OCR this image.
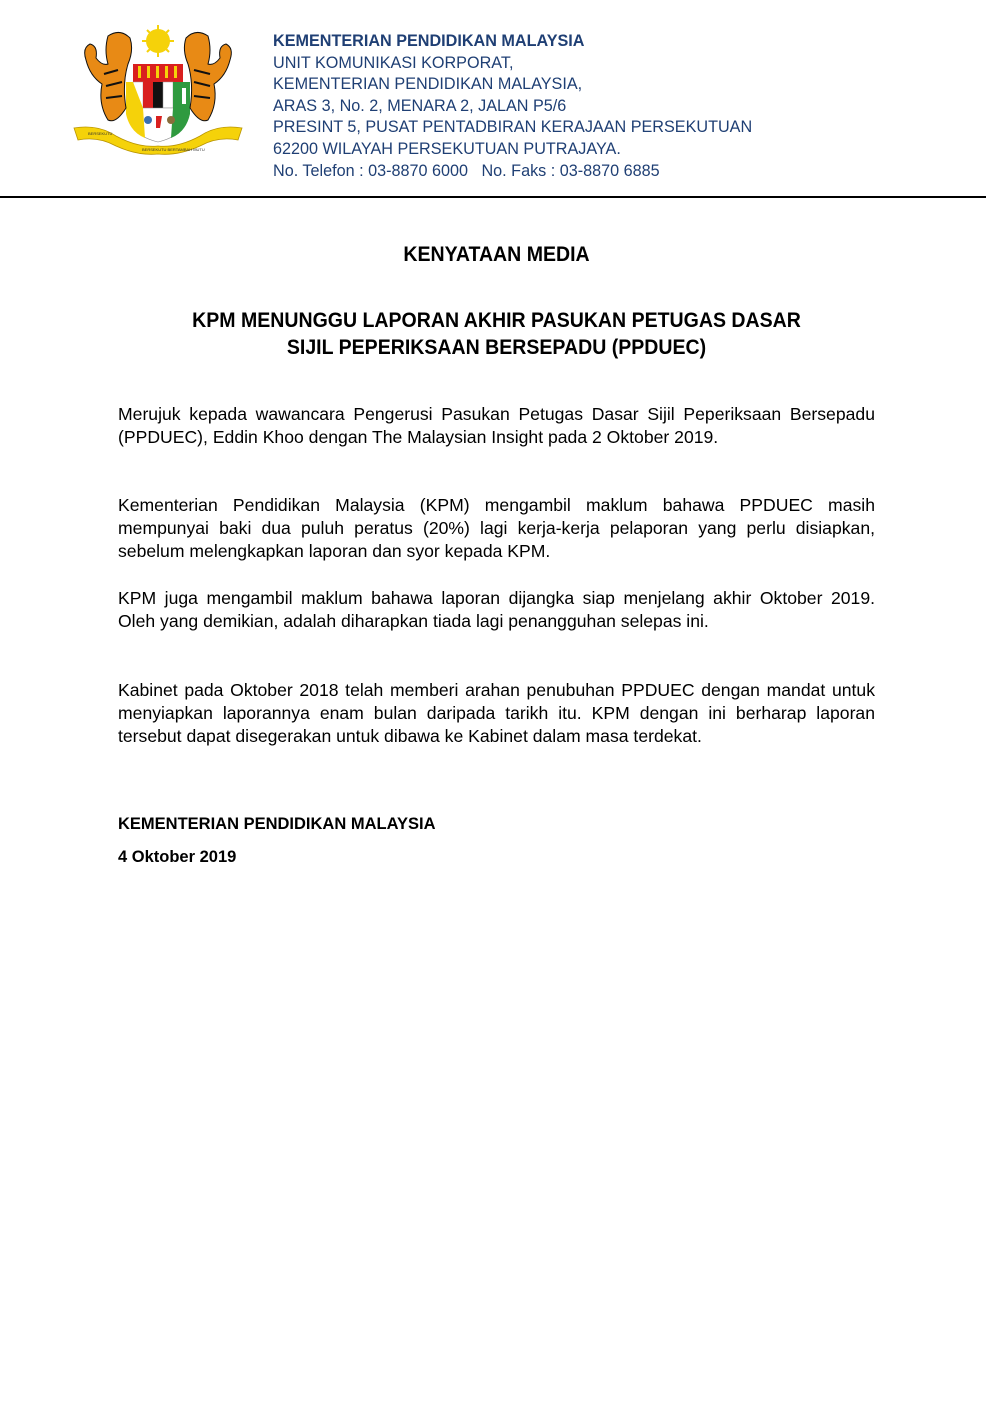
BERSEKUTU
BERSEKUTU BERTAMBAH MUTU
KEMENTERIAN PENDIDIKAN MALAYSIA
UNIT KOMUNIKASI KORPORAT,
KEMENTERIAN PENDIDIKAN MALAYSIA,
ARAS 3, No. 2, MENARA 2, JALAN P5/6
PRESINT 5, PUSAT PENTADBIRAN KERAJAAN PERSEKUTUAN
62200 WILAYAH PERSEKUTUAN PUTRAJAYA.
No. Telefon : 03-8870 6000   No. Faks : 03-8870 6885
KENYATAAN MEDIA
KPM MENUNGGU LAPORAN AKHIR PASUKAN PETUGAS DASAR
SIJIL PEPERIKSAAN BERSEPADU (PPDUEC)

Merujuk kepada wawancara Pengerusi Pasukan Petugas Dasar Sijil Peperiksaan Bersepadu (PPDUEC), Eddin Khoo dengan The Malaysian Insight pada 2 Oktober 2019.

Kementerian Pendidikan Malaysia (KPM) mengambil maklum bahawa PPDUEC masih mempunyai baki dua puluh peratus (20%) lagi kerja-kerja pelaporan yang perlu disiapkan, sebelum melengkapkan laporan dan syor kepada KPM.

KPM juga mengambil maklum bahawa laporan dijangka siap menjelang akhir Oktober 2019. Oleh yang demikian, adalah diharapkan tiada lagi penangguhan selepas ini.

Kabinet pada Oktober 2018 telah memberi arahan penubuhan PPDUEC dengan mandat untuk menyiapkan laporannya enam bulan daripada tarikh itu. KPM dengan ini berharap laporan tersebut dapat disegerakan untuk dibawa ke Kabinet dalam masa terdekat.

KEMENTERIAN PENDIDIKAN MALAYSIA
4 Oktober 2019
